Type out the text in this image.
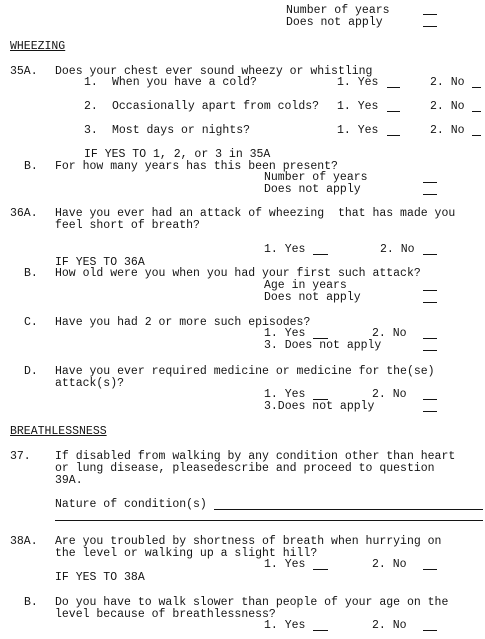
Number of years
Does not apply
WHEEZING
35A. Does your chest ever sound wheezy or whistling
1. When you have a cold?	1. Yes	2. No
2. Occasionally apart from colds? 1. Yes	2. No
3. Most days or nights?	1. Yes	2. No
IF YES TO 1, 2, or 3 in 35A
B. For how many years has this been present?
Number of years
Does not apply
36A. Have you ever had an attack of wheezing  that has made you
feel short of breath?
1. Yes	2. No
IF YES TO 36A
B. How old were you when you had your first such attack?
Age in years
Does not apply
C. Have you had 2 or more such episodes?
1. Yes	2. No
3. Does not apply
D. Have you ever required medicine or medicine for the(se)
attack(s)?
1. Yes	2. No
3.Does not apply
BREATHLESSNESS
37. If disabled from walking by any condition other than heart
or lung disease, pleasedescribe and proceed to question
39A.
Nature of condition(s)
38A. Are you troubled by shortness of breath when hurrying on
the level or walking up a slight hill?
1. Yes	2. No
IF YES TO 38A
B. Do you have to walk slower than people of your age on the
level because of breathlessness?
1. Yes	2. No
